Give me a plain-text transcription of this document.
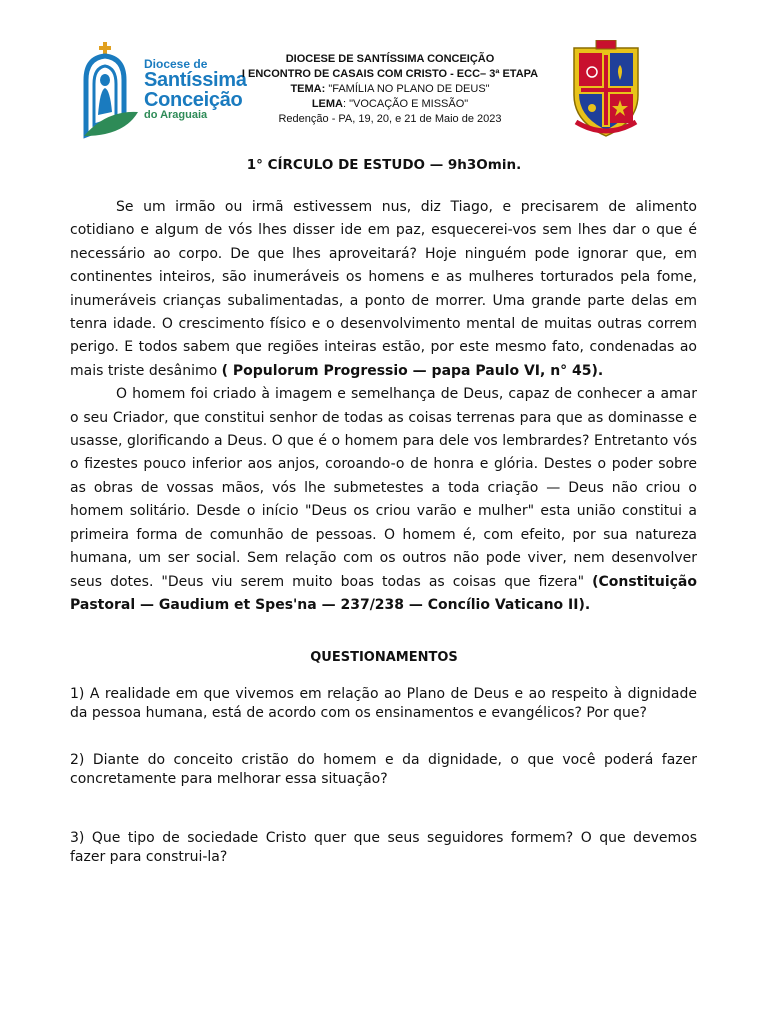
Diocese de
Santíssima
Conceição
do Araguaia
DIOCESE DE SANTÍSSIMA CONCEIÇÃO
I ENCONTRO DE CASAIS COM CRISTO - ECC– 3ª ETAPA
TEMA: "FAMÍLIA NO PLANO DE DEUS"
LEMA: "VOCAÇÃO E MISSÃO"
Redenção - PA, 19, 20, e 21 de Maio de 2023
1° CÍRCULO DE ESTUDO — 9h3Omin.

Se um irmão ou irmã estivessem nus, diz Tiago, e precisarem de alimento cotidiano e algum de vós lhes disser ide em paz, esquecerei-vos sem lhes dar o que é necessário ao corpo. De que lhes aproveitará? Hoje ninguém pode ignorar que, em continentes inteiros, são inumeráveis os homens e as mulheres torturados pela fome, inumeráveis crianças subalimentadas, a ponto de morrer. Uma grande parte delas em tenra idade. O crescimento físico e o desenvolvimento mental de muitas outras correm perigo. E todos sabem que regiões inteiras estão, por este mesmo fato, condenadas ao mais triste desânimo ( Populorum Progressio — papa Paulo VI, n° 45).

O homem foi criado à imagem e semelhança de Deus, capaz de conhecer a amar o seu Criador, que constitui senhor de todas as coisas terrenas para que as dominasse e usasse, glorificando a Deus. O que é o homem para dele vos lembrardes? Entretanto vós o fizestes pouco inferior aos anjos, coroando-o de honra e glória. Destes o poder sobre as obras de vossas mãos, vós lhe submetestes a toda criação — Deus não criou o homem solitário. Desde o início "Deus os criou varão e mulher" esta união constitui a primeira forma de comunhão de pessoas. O homem é, com efeito, por sua natureza humana, um ser social. Sem relação com os outros não pode viver, nem desenvolver seus dotes. "Deus viu serem muito boas todas as coisas que fizera" (Constituição Pastoral — Gaudium et Spes'na — 237/238 — Concílio Vaticano II).

QUESTIONAMENTOS
1) A realidade em que vivemos em relação ao Plano de Deus e ao respeito à dignidade da pessoa humana, está de acordo com os ensinamentos e evangélicos? Por que?
2) Diante do conceito cristão do homem e da dignidade, o que você poderá fazer concretamente para melhorar essa situação?
3) Que tipo de sociedade Cristo quer que seus seguidores formem? O que devemos fazer para construi-la?
